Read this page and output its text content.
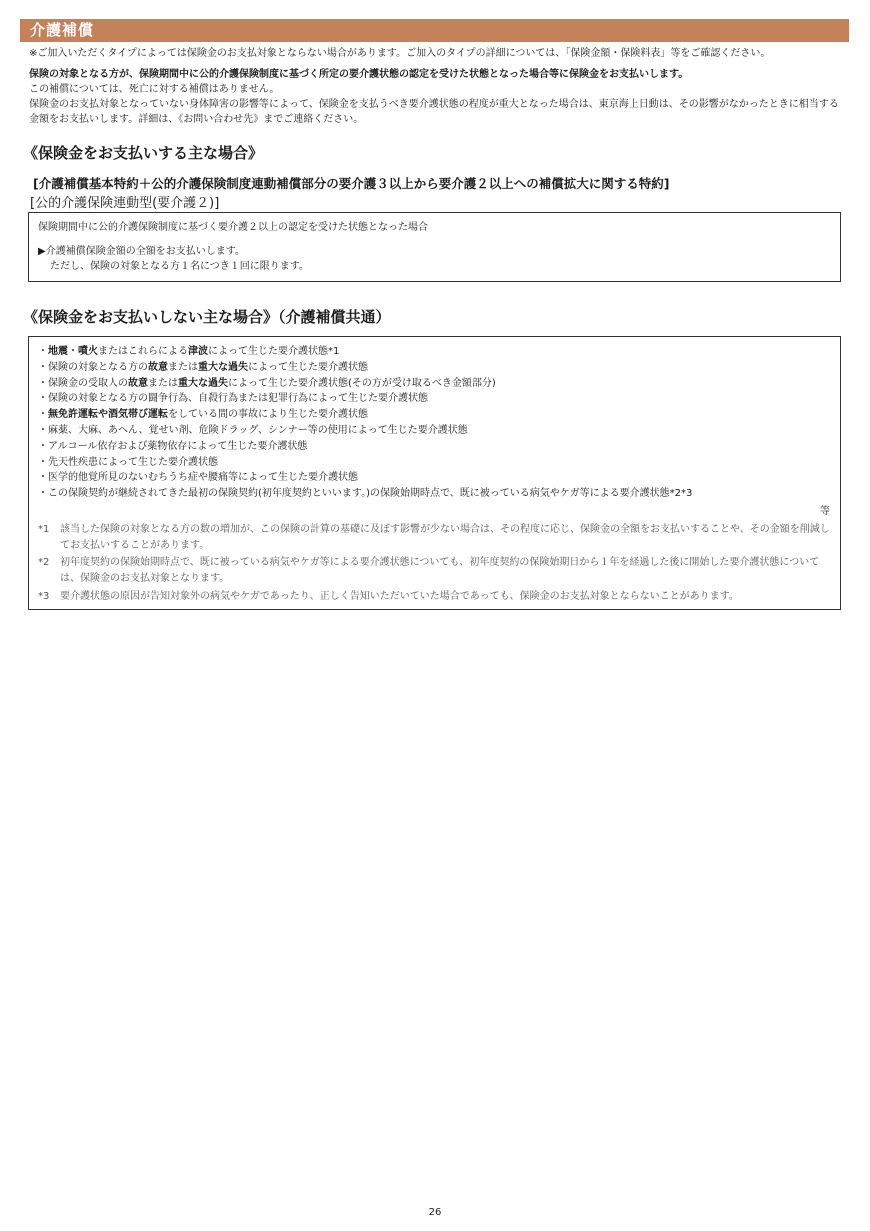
介護補償

※ご加入いただくタイプによっては保険金のお支払対象とならない場合があります。ご加入のタイプの詳細については、「保険金額・保険料表」等をご確認ください。

保険の対象となる方が、保険期間中に公的介護保険制度に基づく所定の要介護状態の認定を受けた状態となった場合等に保険金をお支払いします。

この補償については、死亡に対する補償はありません。

保険金のお支払対象となっていない身体障害の影響等によって、保険金を支払うべき要介護状態の程度が重大となった場合は、東京海上日動は、その影響がなかったときに相当する金額をお支払いします。詳細は、《お問い合わせ先》までご連絡ください。

《保険金をお支払いする主な場合》
[介護補償基本特約＋公的介護保険制度連動補償部分の要介護３以上から要介護２以上への補償拡大に関する特約]
[公的介護保険連動型(要介護２)]
保険期間中に公的介護保険制度に基づく要介護２以上の認定を受けた状態となった場合
▶介護補償保険金額の全額をお支払いします。
ただし、保険の対象となる方１名につき１回に限ります。
《保険金をお支払いしない主な場合》（介護補償共通）
・地震・噴火またはこれらによる津波によって生じた要介護状態*1
・保険の対象となる方の故意または重大な過失によって生じた要介護状態
・保険金の受取人の故意または重大な過失によって生じた要介護状態(その方が受け取るべき金額部分)
・保険の対象となる方の闘争行為、自殺行為または犯罪行為によって生じた要介護状態
・無免許運転や酒気帯び運転をしている間の事故により生じた要介護状態
・麻薬、大麻、あへん、覚せい剤、危険ドラッグ、シンナー等の使用によって生じた要介護状態
・アルコール依存および薬物依存によって生じた要介護状態
・先天性疾患によって生じた要介護状態
・医学的他覚所見のないむちうち症や腰痛等によって生じた要介護状態
・この保険契約が継続されてきた最初の保険契約(初年度契約といいます。)の保険始期時点で、既に被っている病気やケガ等による要介護状態*2*3
等
*1	該当した保険の対象となる方の数の増加が、この保険の計算の基礎に及ぼす影響が少ない場合は、その程度に応じ、保険金の全額をお支払いすることや、その金額を削減してお支払いすることがあります。
*2	初年度契約の保険始期時点で、既に被っている病気やケガ等による要介護状態についても、初年度契約の保険始期日から１年を経過した後に開始した要介護状態については、保険金のお支払対象となります。
*3	要介護状態の原因が告知対象外の病気やケガであったり、正しく告知いただいていた場合であっても、保険金のお支払対象とならないことがあります。
26
